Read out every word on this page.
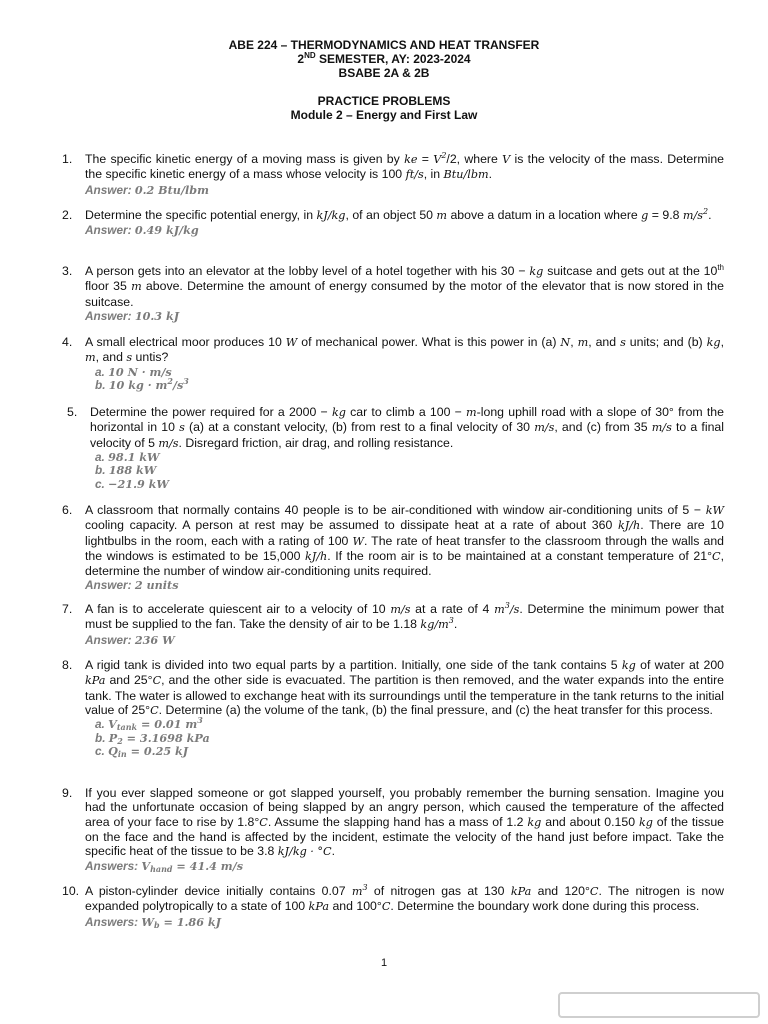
ABE 224 – THERMODYNAMICS AND HEAT TRANSFER
2ND SEMESTER, AY: 2023-2024
BSABE 2A & 2B
PRACTICE PROBLEMS
Module 2 – Energy and First Law
1. The specific kinetic energy of a moving mass is given by ke = $V^2/2$, where V is the velocity of the mass. Determine the specific kinetic energy of a mass whose velocity is 100 ft/s, in Btu/lbm.
Answer: 0.2 Btu/lbm
2. Determine the specific potential energy, in kJ/kg, of an object 50 m above a datum in a location where g = 9.8 $m/s^2$.
Answer: 0.49 kJ/kg
3. A person gets into an elevator at the lobby level of a hotel together with his 30 − kg suitcase and gets out at the 10th floor 35 m above. Determine the amount of energy consumed by the motor of the elevator that is now stored in the suitcase.
Answer: 10.3 kJ
4. A small electrical moor produces 10 W of mechanical power. What is this power in (a) N, m, and s units; and (b) kg, m, and s untis?
a. 10 N · m/s
b. 10 kg · $m^2/s^3$
5. Determine the power required for a 2000 − kg car to climb a 100 − m-long uphill road with a slope of 30° from the horizontal in 10 s (a) at a constant velocity, (b) from rest to a final velocity of 30 m/s, and (c) from 35 m/s to a final velocity of 5 m/s. Disregard friction, air drag, and rolling resistance.
a. 98.1 kW
b. 188 kW
c. −21.9 kW
6. A classroom that normally contains 40 people is to be air-conditioned with window air-conditioning units of 5 − kW cooling capacity. A person at rest may be assumed to dissipate heat at a rate of about 360 kJ/h. There are 10 lightbulbs in the room, each with a rating of 100 W. The rate of heat transfer to the classroom through the walls and the windows is estimated to be 15,000 kJ/h. If the room air is to be maintained at a constant temperature of 21°C, determine the number of window air-conditioning units required.
Answer: 2 units
7. A fan is to accelerate quiescent air to a velocity of 10 m/s at a rate of 4 $m^3/s$. Determine the minimum power that must be supplied to the fan. Take the density of air to be 1.18 $kg/m^3$.
Answer: 236 W
8. A rigid tank is divided into two equal parts by a partition. Initially, one side of the tank contains 5 kg of water at 200 kPa and 25°C, and the other side is evacuated. The partition is then removed, and the water expands into the entire tank. The water is allowed to exchange heat with its surroundings until the temperature in the tank returns to the initial value of 25°C. Determine (a) the volume of the tank, (b) the final pressure, and (c) the heat transfer for this process.
a. $V_{tank} = 0.01$ $m^3$
b. $P_2 = 3.1698$ kPa
c. $Q_{in} = 0.25$ kJ
9. If you ever slapped someone or got slapped yourself, you probably remember the burning sensation. Imagine you had the unfortunate occasion of being slapped by an angry person, which caused the temperature of the affected area of your face to rise by 1.8°C. Assume the slapping hand has a mass of 1.2 kg and about 0.150 kg of the tissue on the face and the hand is affected by the incident, estimate the velocity of the hand just before impact. Take the specific heat of the tissue to be 3.8 kJ/kg · °C.
Answers: $V_{hand} = 41.4$ m/s
10. A piston-cylinder device initially contains 0.07 $m^3$ of nitrogen gas at 130 kPa and 120°C. The nitrogen is now expanded polytropically to a state of 100 kPa and 100°C. Determine the boundary work done during this process.
Answers: $W_b = 1.86$ kJ
1
